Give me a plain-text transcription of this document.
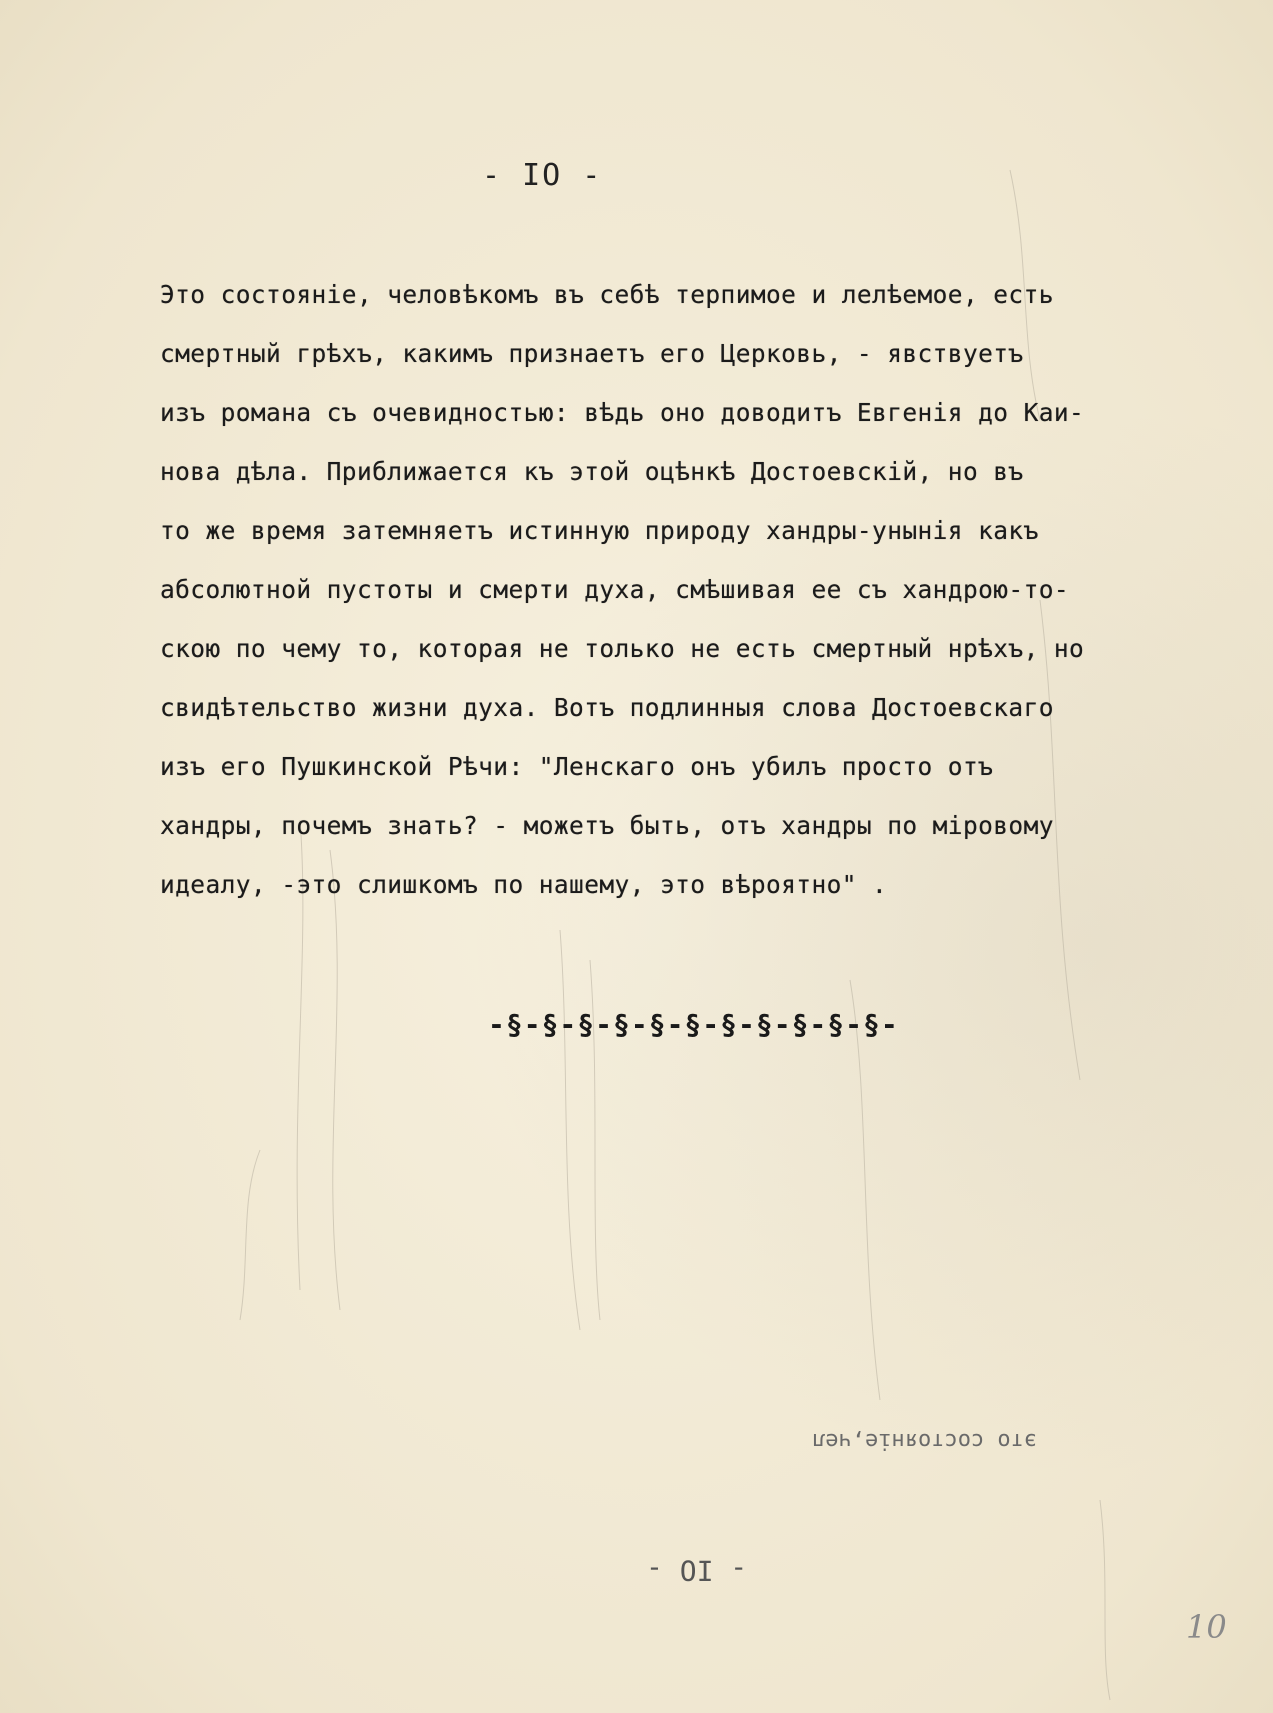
- IO -
Это состоянiе, человѣкомъ въ себѣ терпимое и лелѣемое, есть
смертный грѣхъ, какимъ признаетъ его Церковь, - явствуетъ
изъ романа съ очевидностью: вѣдь оно доводитъ Евгенiя до Каи-
нова дѣла. Приближается къ этой оцѣнкѣ Достоевскiй, но въ
то же время затемняетъ истинную природу хандры-унынiя какъ
абсолютной пустоты и смерти духа, смѣшивая ее съ хандрою-то-
скою по чему то, которая не только не есть смертный нрѣхъ, но
свидѣтельство жизни духа. Вотъ подлинныя слова Достоевскаго
изъ его Пушкинской Рѣчи: "Ленскаго онъ убилъ просто отъ
хандры, почемъ знать? - можетъ быть, отъ хандры по мiровому
идеалу, -это слишкомъ по нашему, это вѣроятно" .
-§-§-§-§-§-§-§-§-§-§-§-
это состоянiе,чел
- IO -
10
